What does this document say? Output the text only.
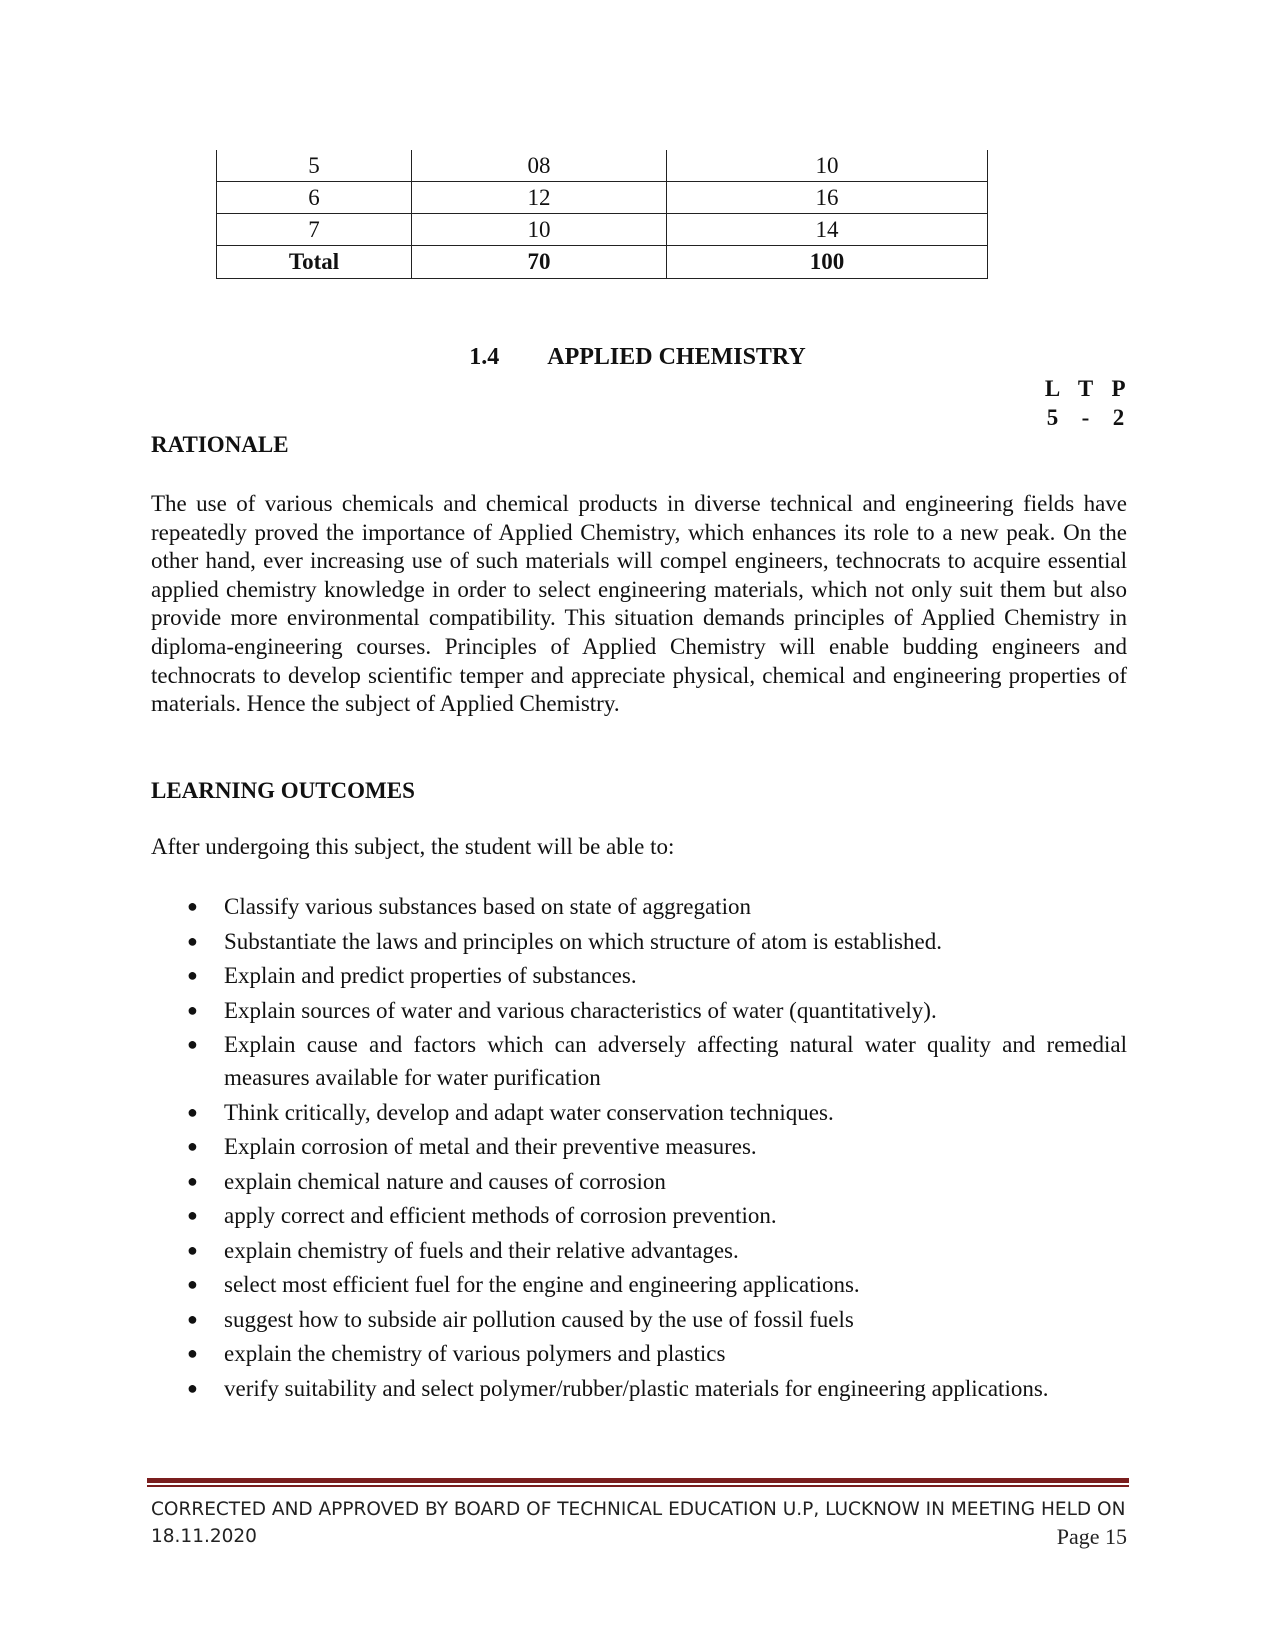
5	08	10
6	12	16
7	10	14
Total	70	100
1.4 APPLIED CHEMISTRY
L T P
5	-	2
RATIONALE

The use of various chemicals and chemical products in diverse technical and engineering fields have repeatedly proved the importance of Applied Chemistry, which enhances its role to a new peak. On the other hand, ever increasing use of such materials will compel engineers, technocrats to acquire essential applied chemistry knowledge in order to select engineering materials, which not only suit them but also provide more environmental compatibility. This situation demands principles of Applied Chemistry in diploma-engineering courses. Principles of Applied Chemistry will enable budding engineers and technocrats to develop scientific temper and appreciate physical, chemical and engineering properties of materials. Hence the subject of Applied Chemistry.

LEARNING OUTCOMES

After undergoing this subject, the student will be able to:

● Classify various substances based on state of aggregation
● Substantiate the laws and principles on which structure of atom is established.
● Explain and predict properties of substances.
● Explain sources of water and various characteristics of water (quantitatively).
● Explain cause and factors which can adversely affecting natural water quality and remedial measures available for water purification
● Think critically, develop and adapt water conservation techniques.
● Explain corrosion of metal and their preventive measures.
● explain chemical nature and causes of corrosion
● apply correct and efficient methods of corrosion prevention.
● explain chemistry of fuels and their relative advantages.
● select most efficient fuel for the engine and engineering applications.
● suggest how to subside air pollution caused by the use of fossil fuels
● explain the chemistry of various polymers and plastics
● verify suitability and select polymer/rubber/plastic materials for engineering applications.
CORRECTED AND APPROVED BY BOARD OF TECHNICAL EDUCATION U.P, LUCKNOW IN MEETING HELD ON
18.11.2020	Page 15
